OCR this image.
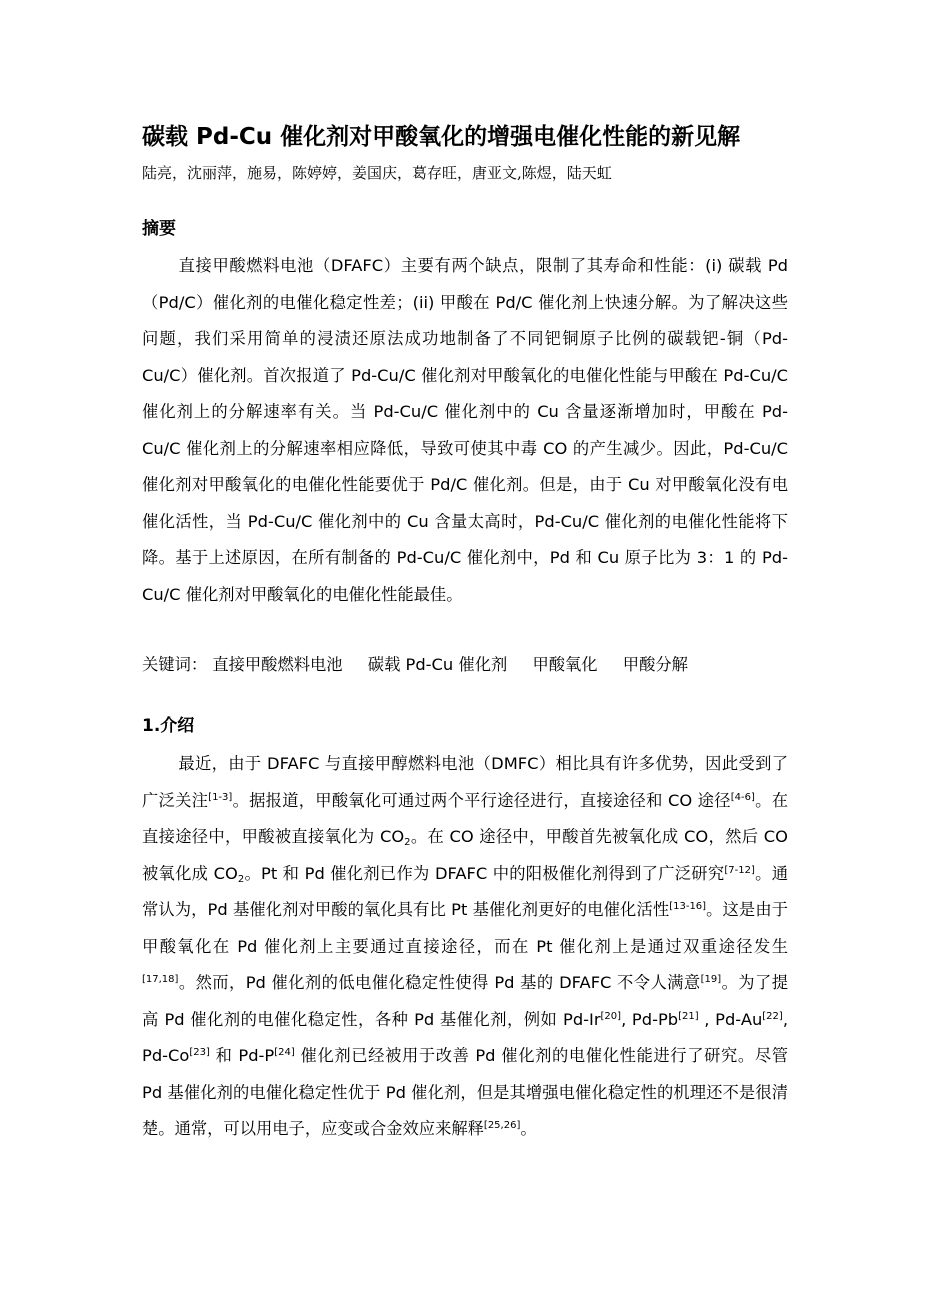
碳载 Pd-Cu 催化剂对甲酸氧化的增强电催化性能的新见解
陆亮，沈丽萍，施易，陈婷婷，姜国庆，葛存旺，唐亚文,陈煜，陆天虹
摘要
直接甲酸燃料电池（DFAFC）主要有两个缺点，限制了其寿命和性能：(i) 碳载 Pd（Pd/C）催化剂的电催化稳定性差；(ii) 甲酸在 Pd/C 催化剂上快速分解。为了解决这些问题，我们采用简单的浸渍还原法成功地制备了不同钯铜原子比例的碳载钯-铜（Pd-Cu/C）催化剂。首次报道了 Pd-Cu/C 催化剂对甲酸氧化的电催化性能与甲酸在 Pd-Cu/C 催化剂上的分解速率有关。当 Pd-Cu/C 催化剂中的 Cu 含量逐渐增加时，甲酸在 Pd-Cu/C 催化剂上的分解速率相应降低，导致可使其中毒 CO 的产生减少。因此，Pd-Cu/C 催化剂对甲酸氧化的电催化性能要优于 Pd/C 催化剂。但是，由于 Cu 对甲酸氧化没有电催化活性，当 Pd-Cu/C 催化剂中的 Cu 含量太高时，Pd-Cu/C 催化剂的电催化性能将下降。基于上述原因，在所有制备的 Pd-Cu/C 催化剂中，Pd 和 Cu 原子比为 3：1 的 Pd-Cu/C 催化剂对甲酸氧化的电催化性能最佳。
关键词： 直接甲酸燃料电池 碳载 Pd-Cu 催化剂 甲酸氧化 甲酸分解
1.介绍
最近，由于 DFAFC 与直接甲醇燃料电池（DMFC）相比具有许多优势，因此受到了广泛关注[1-3]。据报道，甲酸氧化可通过两个平行途径进行，直接途径和 CO 途径[4-6]。在直接途径中，甲酸被直接氧化为 $CO_2$。在 CO 途径中，甲酸首先被氧化成 CO，然后 CO 被氧化成 $CO_2$。Pt 和 Pd 催化剂已作为 DFAFC 中的阳极催化剂得到了广泛研究[7-12]。通常认为，Pd 基催化剂对甲酸的氧化具有比 Pt 基催化剂更好的电催化活性[13-16]。这是由于甲酸氧化在 Pd 催化剂上主要通过直接途径，而在 Pt 催化剂上是通过双重途径发生[17,18]。然而，Pd 催化剂的低电催化稳定性使得 Pd 基的 DFAFC 不令人满意[19]。为了提高 Pd 催化剂的电催化稳定性，各种 Pd 基催化剂，例如 Pd-Ir[20], Pd-Pb[21] , Pd-Au[22], Pd-Co[23] 和 Pd-P[24] 催化剂已经被用于改善 Pd 催化剂的电催化性能进行了研究。尽管 Pd 基催化剂的电催化稳定性优于 Pd 催化剂，但是其增强电催化稳定性的机理还不是很清楚。通常，可以用电子，应变或合金效应来解释[25,26]。
